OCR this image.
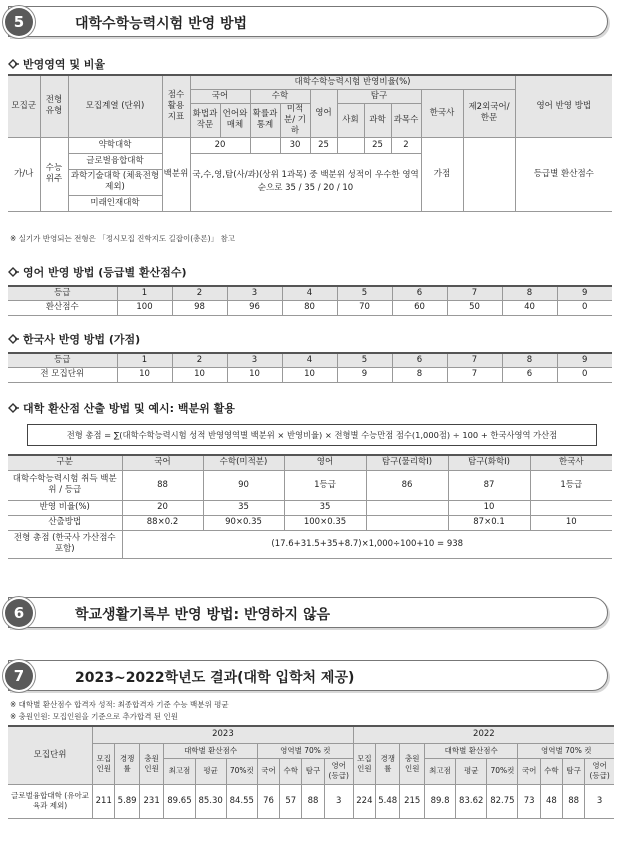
5	대학수학능력시험 반영 방법
반영영역 및 비율
모집군	전형 유형	모집계열 (단위)	점수 활용 지표	대학수학능력시험 반영비율(%)										영어 반영 방법
				국어		수학		영어	탐구			한국사	제2외국어/ 한문	
				화법과 작문	언어와 매체	확률과 통계	미적분/ 기하		사회	과학	과목수			
가/나	수능 위주	약학대학	백분위	20			30	25		25	2	가점		등급별 환산점수
		글로벌융합대학		국,수,영,탐(사/과)(상위 1과목) 중 백분위 성적이 우수한 영역 순으로 35 / 35 / 20 / 10										
		과학기술대학 (체육전형 제외)												
		미래인재대학												
※ 실기가 반영되는 전형은 「정시모집 진학지도 길잡이(총론)」 참고
영어 반영 방법 (등급별 환산점수)
등급	1	2	3	4	5	6	7	8	9
환산점수	100	98	96	80	70	60	50	40	0
한국사 반영 방법 (가점)
등급	1	2	3	4	5	6	7	8	9
전 모집단위	10	10	10	10	9	8	7	6	0
대학 환산점 산출 방법 및 예시: 백분위 활용
전형 총점 = ∑(대학수학능력시험 성적 반영영역별 백분위 × 반영비율) × 전형별 수능만점 점수(1,000점) ÷ 100 + 한국사영역 가산점
구분	국어	수학(미적분)	영어	탐구(물리학Ⅰ)	탐구(화학Ⅰ)	한국사
대학수학능력시험 취득 백분위 / 등급	88	90	1등급	86	87	1등급
반영 비율(%)	20	35	35		10	
산출방법	88×0.2	90×0.35	100×0.35		87×0.1	10
전형 총점 (한국사 가산점수 포함)	(17.6+31.5+35+8.7)×1,000÷100+10 = 938					
6	학교생활기록부 반영 방법: 반영하지 않음
7	2023~2022학년도 결과(대학 입학처 제공)
※ 대학별 환산점수 합격자 성적: 최종합격자 기준 수능 백분위 평균
※ 충원인원: 모집인원을 기준으로 추가합격 된 인원
모집단위	2023										2022									
	모집 인원	경쟁률	충원 인원	대학별 환산점수			영역별 70% 컷				모집 인원	경쟁률	충원 인원	대학별 환산점수			영역별 70% 컷			
				최고점	평균	70%컷	국어	수학	탐구	영어 (등급)				최고점	평균	70%컷	국어	수학	탐구	영어 (등급)
글로벌융합대학 (유아교육과 제외)	211	5.89	231	89.65	85.30	84.55	76	57	88	3	224	5.48	215	89.8	83.62	82.75	73	48	88	3
